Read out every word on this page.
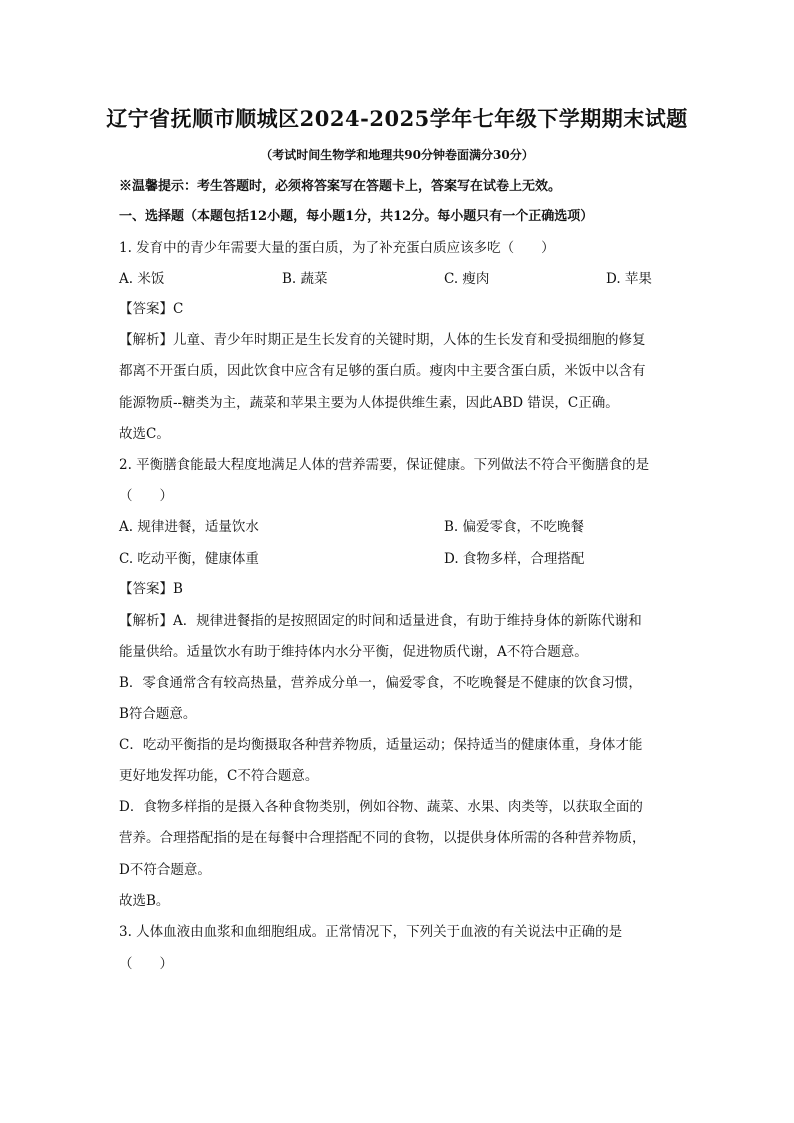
辽宁省抚顺市顺城区2024-2025学年七年级下学期期末试题
（考试时间生物学和地理共90分钟卷面满分30分）
※温馨提示：考生答题时，必须将答案写在答题卡上，答案写在试卷上无效。
一、选择题（本题包括12小题，每小题1分，共12分。每小题只有一个正确选项）
1. 发育中的青少年需要大量的蛋白质，为了补充蛋白质应该多吃（　　）
A. 米饭	B. 蔬菜	C. 瘦肉	D. 苹果
【答案】C
【解析】儿童、青少年时期正是生长发育的关键时期，人体的生长发育和受损细胞的修复
都离不开蛋白质，因此饮食中应含有足够的蛋白质。瘦肉中主要含蛋白质，米饭中以含有
能源物质--糖类为主，蔬菜和苹果主要为人体提供维生素，因此ABD 错误，C正确。
故选C。
2. 平衡膳食能最大程度地满足人体的营养需要，保证健康。下列做法不符合平衡膳食的是
（　　）
A. 规律进餐，适量饮水	B. 偏爱零食，不吃晚餐
C. 吃动平衡，健康体重	D. 食物多样，合理搭配
【答案】B
【解析】A．规律进餐指的是按照固定的时间和适量进食，有助于维持身体的新陈代谢和
能量供给。适量饮水有助于维持体内水分平衡，促进物质代谢，A不符合题意。
B．零食通常含有较高热量，营养成分单一，偏爱零食，不吃晚餐是不健康的饮食习惯，
B符合题意。
C．吃动平衡指的是均衡摄取各种营养物质，适量运动；保持适当的健康体重，身体才能
更好地发挥功能，C不符合题意。
D．食物多样指的是摄入各种食物类别，例如谷物、蔬菜、水果、肉类等，以获取全面的
营养。合理搭配指的是在每餐中合理搭配不同的食物，以提供身体所需的各种营养物质，
D不符合题意。
故选B。
3. 人体血液由血浆和血细胞组成。正常情况下，下列关于血液的有关说法中正确的是
（　　）
